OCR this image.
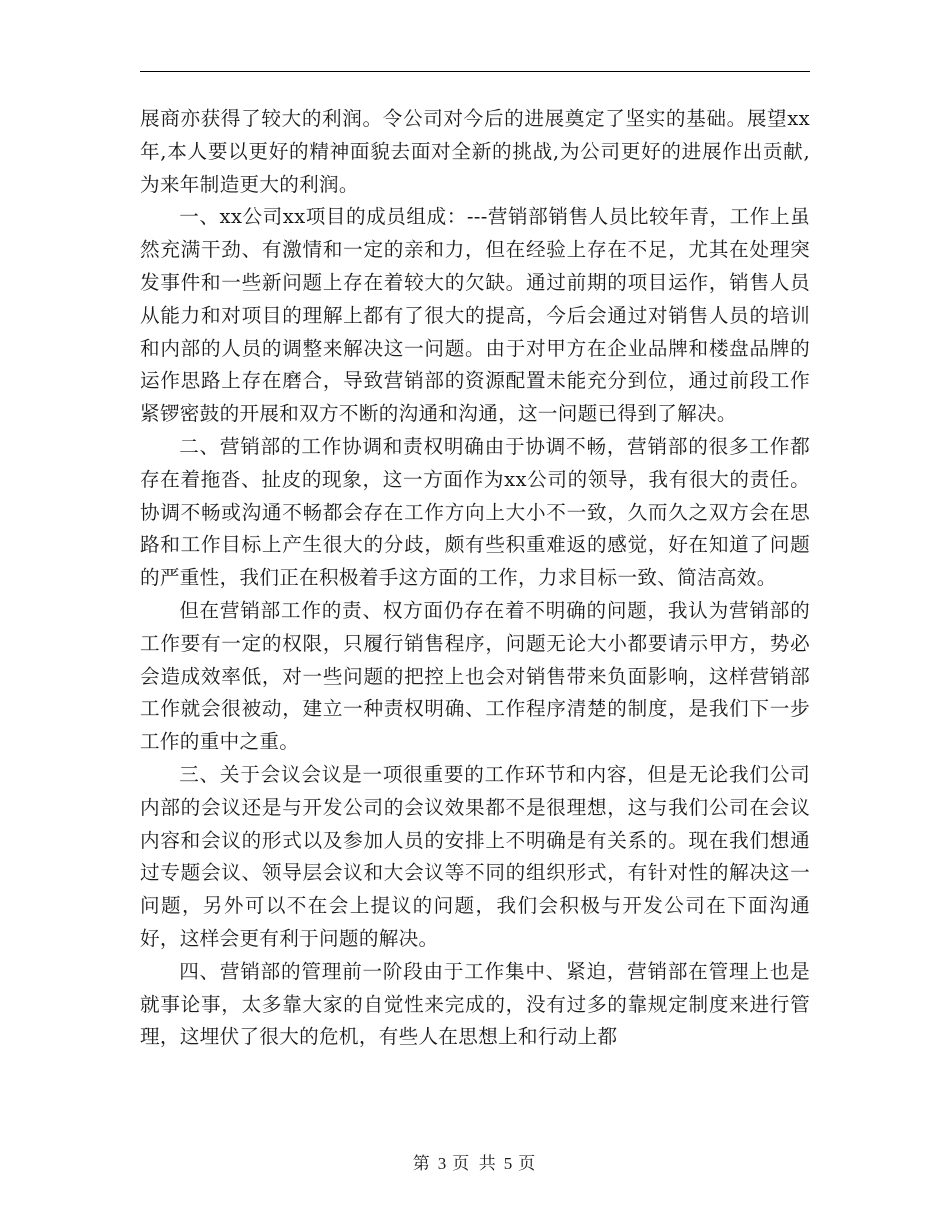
展商亦获得了较大的利润。令公司对今后的进展奠定了坚实的基础。展望xx年,本人要以更好的精神面貌去面对全新的挑战,为公司更好的进展作出贡献,为来年制造更大的利润。

一、xx公司xx项目的成员组成：---营销部销售人员比较年青，工作上虽然充满干劲、有激情和一定的亲和力，但在经验上存在不足，尤其在处理突发事件和一些新问题上存在着较大的欠缺。通过前期的项目运作，销售人员从能力和对项目的理解上都有了很大的提高，今后会通过对销售人员的培训和内部的人员的调整来解决这一问题。由于对甲方在企业品牌和楼盘品牌的运作思路上存在磨合，导致营销部的资源配置未能充分到位，通过前段工作紧锣密鼓的开展和双方不断的沟通和沟通，这一问题已得到了解决。

二、营销部的工作协调和责权明确由于协调不畅，营销部的很多工作都存在着拖沓、扯皮的现象，这一方面作为xx公司的领导，我有很大的责任。协调不畅或沟通不畅都会存在工作方向上大小不一致，久而久之双方会在思路和工作目标上产生很大的分歧，颇有些积重难返的感觉，好在知道了问题的严重性，我们正在积极着手这方面的工作，力求目标一致、简洁高效。

但在营销部工作的责、权方面仍存在着不明确的问题，我认为营销部的工作要有一定的权限，只履行销售程序，问题无论大小都要请示甲方，势必会造成效率低，对一些问题的把控上也会对销售带来负面影响，这样营销部工作就会很被动，建立一种责权明确、工作程序清楚的制度，是我们下一步工作的重中之重。

三、关于会议会议是一项很重要的工作环节和内容，但是无论我们公司内部的会议还是与开发公司的会议效果都不是很理想，这与我们公司在会议内容和会议的形式以及参加人员的安排上不明确是有关系的。现在我们想通过专题会议、领导层会议和大会议等不同的组织形式，有针对性的解决这一问题，另外可以不在会上提议的问题，我们会积极与开发公司在下面沟通好，这样会更有利于问题的解决。

四、营销部的管理前一阶段由于工作集中、紧迫，营销部在管理上也是就事论事，太多靠大家的自觉性来完成的，没有过多的靠规定制度来进行管理，这埋伏了很大的危机，有些人在思想上和行动上都

第 3 页 共 5 页
